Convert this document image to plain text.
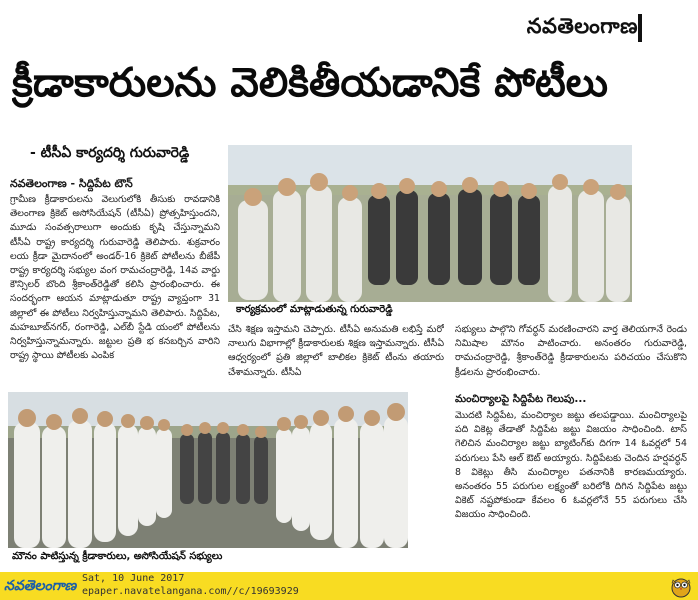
నవతెలంగాణ
క్రీడాకారులను వెలికితీయడానికే పోటీలు
- టీసీఏ కార్యదర్శి గురువారెడ్డి
నవతెలంగాణ - సిద్దిపేట టౌన్

గ్రామీణ క్రీడాకారులను వెలుగులోకి తీసుకు రావడానికి తెలంగాణ క్రికెట్ అసోసియేషన్ (టీసీఏ) ప్రోత్సహిస్తుందని, మూడు సంవత్సరాలుగా అందుకు కృషి చేస్తున్నామని టీసీఏ రాష్ట్ర కార్యదర్శి గురువారెడ్డి తెలిపారు. శుక్రవారం లయ క్రీడా మైదానంలో అండర్-16 క్రికెట్ పోటీలను బీజేపీ రాష్ట్ర కార్యదర్శి సభ్యుల వంగ రామచంద్రారెడ్డి, 14వ వార్డు కౌన్సిలర్ బొంది శ్రీకాంత్‌రెడ్డితో కలిసి ప్రారంభించారు. ఈ సందర్భంగా ఆయన మాట్లాడుతూ రాష్ట్ర వ్యాప్తంగా 31 జిల్లాలో ఈ పోటీలు నిర్వహిస్తున్నామని తెలిపారు. సిద్దిపేట, మహబూబ్‌నగర్, రంగారెడ్డి, ఎల్‌బీ స్టేడి యంలో పోటీలను నిర్వహిస్తున్నామన్నారు. జట్టుల ప్రతి భ కనబర్చిన వారిని రాష్ట్ర స్థాయి పోటీలకు ఎంపిక

కార్యక్రమంలో మాట్లాడుతున్న గురువారెడ్డి

చేసి శిక్షణ ఇస్తామని చెప్పారు. టీసీఏ అనుమతి లభిస్తే మరో నాలుగు విభాగాల్లో క్రీడాకారులకు శిక్షణ ఇస్తామన్నారు. టీసీఏ ఆధ్వర్యంలో ప్రతి జిల్లాలో బాలికల క్రికెట్ టీంను తయారు చేశామన్నారు. టీసీఏ

సభ్యులు పాల్గొని గోవర్ధన్ మరణించారని వార్త తెలియగానే రెండు నిమిషాల మౌనం పాటించారు. అనంతరం గురువారెడ్డి, రామచంద్రారెడ్డి, శ్రీకాంత్‌రెడ్డి క్రీడాకారులను పరిచయం చేసుకొని క్రీడలను ప్రారంభించారు.

మంచిర్యాలపై సిద్దిపేట గెలుపు...

మొదటి సిద్దిపేట, మంచిర్యాల జట్టు తలపడ్డాయి. మంచిర్యాలపై పది వికెట్ల తేడాతో సిద్దిపేట జట్టు విజయం సాధించింది. టాస్ గెలిచిన మంచిర్యాల జట్టు బ్యాటింగ్‌కు దిగగా 14 ఓవర్లలో 54 పరుగులు పేసి ఆల్ ఔట్ అయ్యారు. సిద్దిపేటకు చెందిన హర్షవర్ధన్ 8 వికెట్లు తీసి మంచిర్యాల పతనానికి కారణమయ్యారు. అనంతరం 55 పరుగుల లక్ష్యంతో బరిలోకి దిగిన సిద్దిపేట జట్టు వికెట్ నష్టపోకుండా కేవలం 6 ఓవర్లలోనే 55 పరుగులు చేసి విజయం సాధించింది.

మౌనం పాటిస్తున్న క్రీడాకారులు, అసోసియేషన్ సభ్యులు
నవతెలంగాణ Sat, 10 June 2017
epaper.navatelangana.com//c/19693929
